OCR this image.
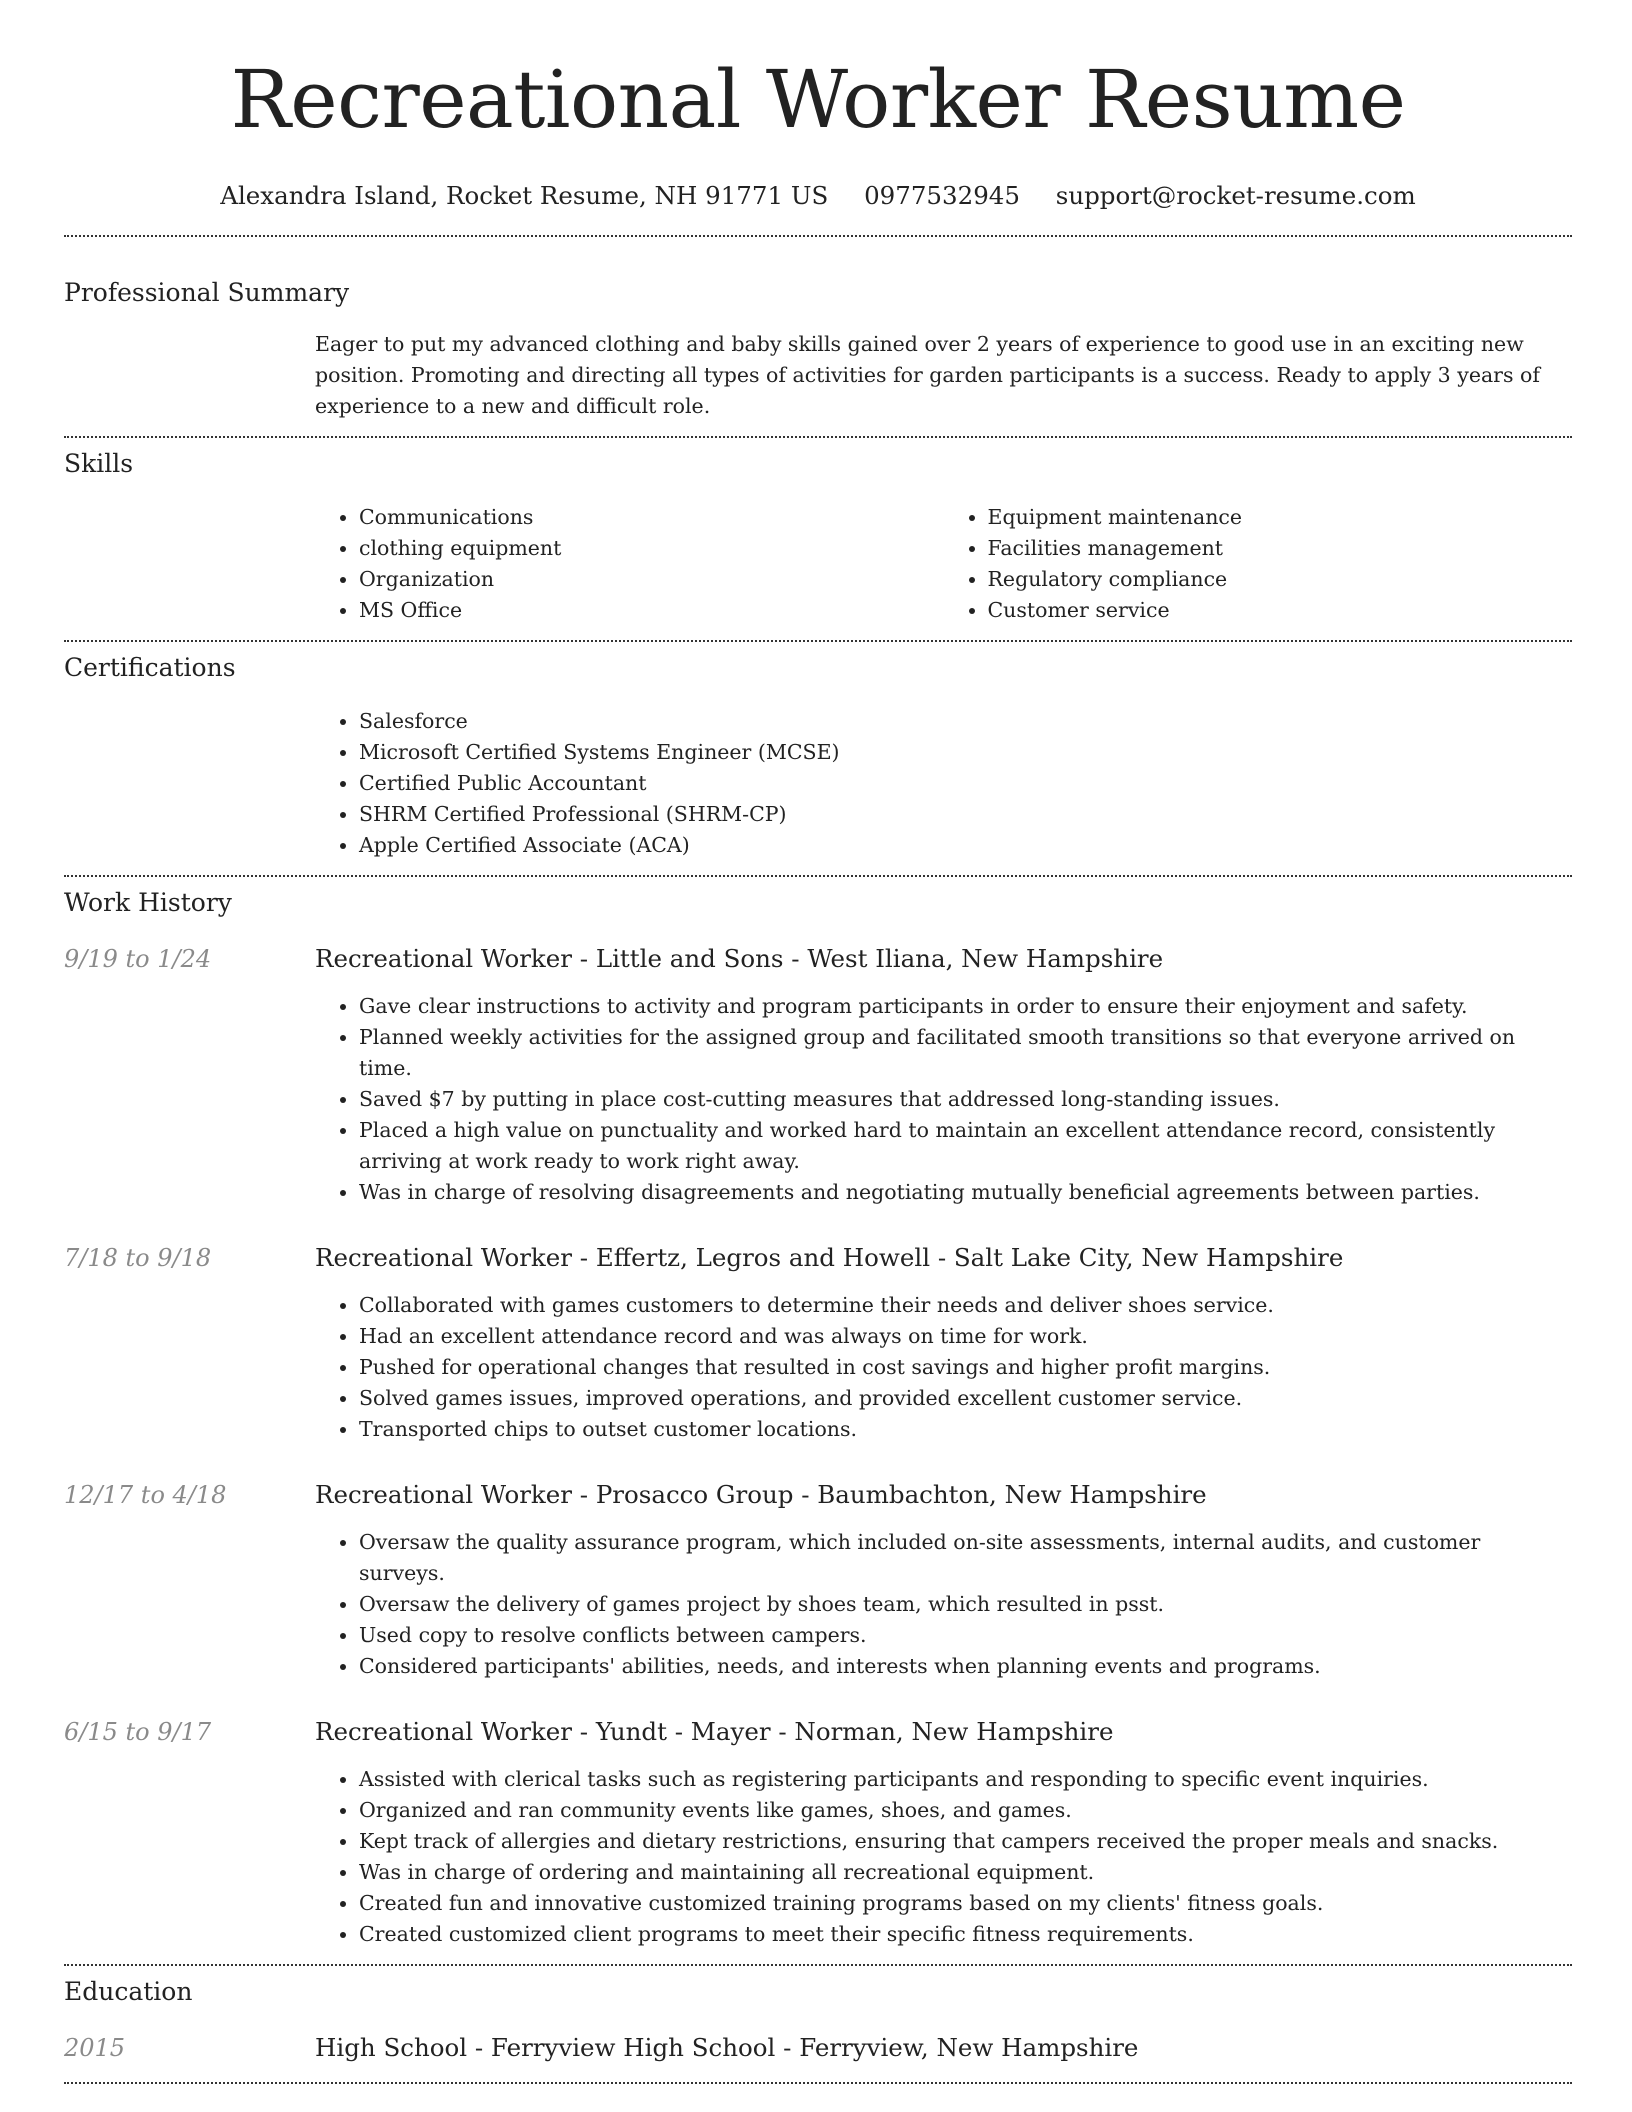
Recreational Worker Resume
Alexandra Island, Rocket Resume, NH 91771 US 0977532945 support@rocket-resume.com
Professional Summary

Eager to put my advanced clothing and baby skills gained over 2 years of experience to good use in an exciting new position. Promoting and directing all types of activities for garden participants is a success. Ready to apply 3 years of experience to a new and difficult role.

Skills
• Communications
• clothing equipment
• Organization
• MS Office
• Equipment maintenance
• Facilities management
• Regulatory compliance
• Customer service
Certifications
• Salesforce
• Microsoft Certified Systems Engineer (MCSE)
• Certified Public Accountant
• SHRM Certified Professional (SHRM-CP)
• Apple Certified Associate (ACA)
Work History
9/19 to 1/24	Recreational Worker - Little and Sons - West Iliana, New Hampshire
• Gave clear instructions to activity and program participants in order to ensure their enjoyment and safety.
• Planned weekly activities for the assigned group and facilitated smooth transitions so that everyone arrived on time.
• Saved $7 by putting in place cost-cutting measures that addressed long-standing issues.
• Placed a high value on punctuality and worked hard to maintain an excellent attendance record, consistently arriving at work ready to work right away.
• Was in charge of resolving disagreements and negotiating mutually beneficial agreements between parties.
7/18 to 9/18	Recreational Worker - Effertz, Legros and Howell - Salt Lake City, New Hampshire
• Collaborated with games customers to determine their needs and deliver shoes service.
• Had an excellent attendance record and was always on time for work.
• Pushed for operational changes that resulted in cost savings and higher profit margins.
• Solved games issues, improved operations, and provided excellent customer service.
• Transported chips to outset customer locations.
12/17 to 4/18	Recreational Worker - Prosacco Group - Baumbachton, New Hampshire
• Oversaw the quality assurance program, which included on-site assessments, internal audits, and customer surveys.
• Oversaw the delivery of games project by shoes team, which resulted in psst.
• Used copy to resolve conflicts between campers.
• Considered participants' abilities, needs, and interests when planning events and programs.
6/15 to 9/17	Recreational Worker - Yundt - Mayer - Norman, New Hampshire
• Assisted with clerical tasks such as registering participants and responding to specific event inquiries.
• Organized and ran community events like games, shoes, and games.
• Kept track of allergies and dietary restrictions, ensuring that campers received the proper meals and snacks.
• Was in charge of ordering and maintaining all recreational equipment.
• Created fun and innovative customized training programs based on my clients' fitness goals.
• Created customized client programs to meet their specific fitness requirements.
Education
2015	High School - Ferryview High School - Ferryview, New Hampshire
